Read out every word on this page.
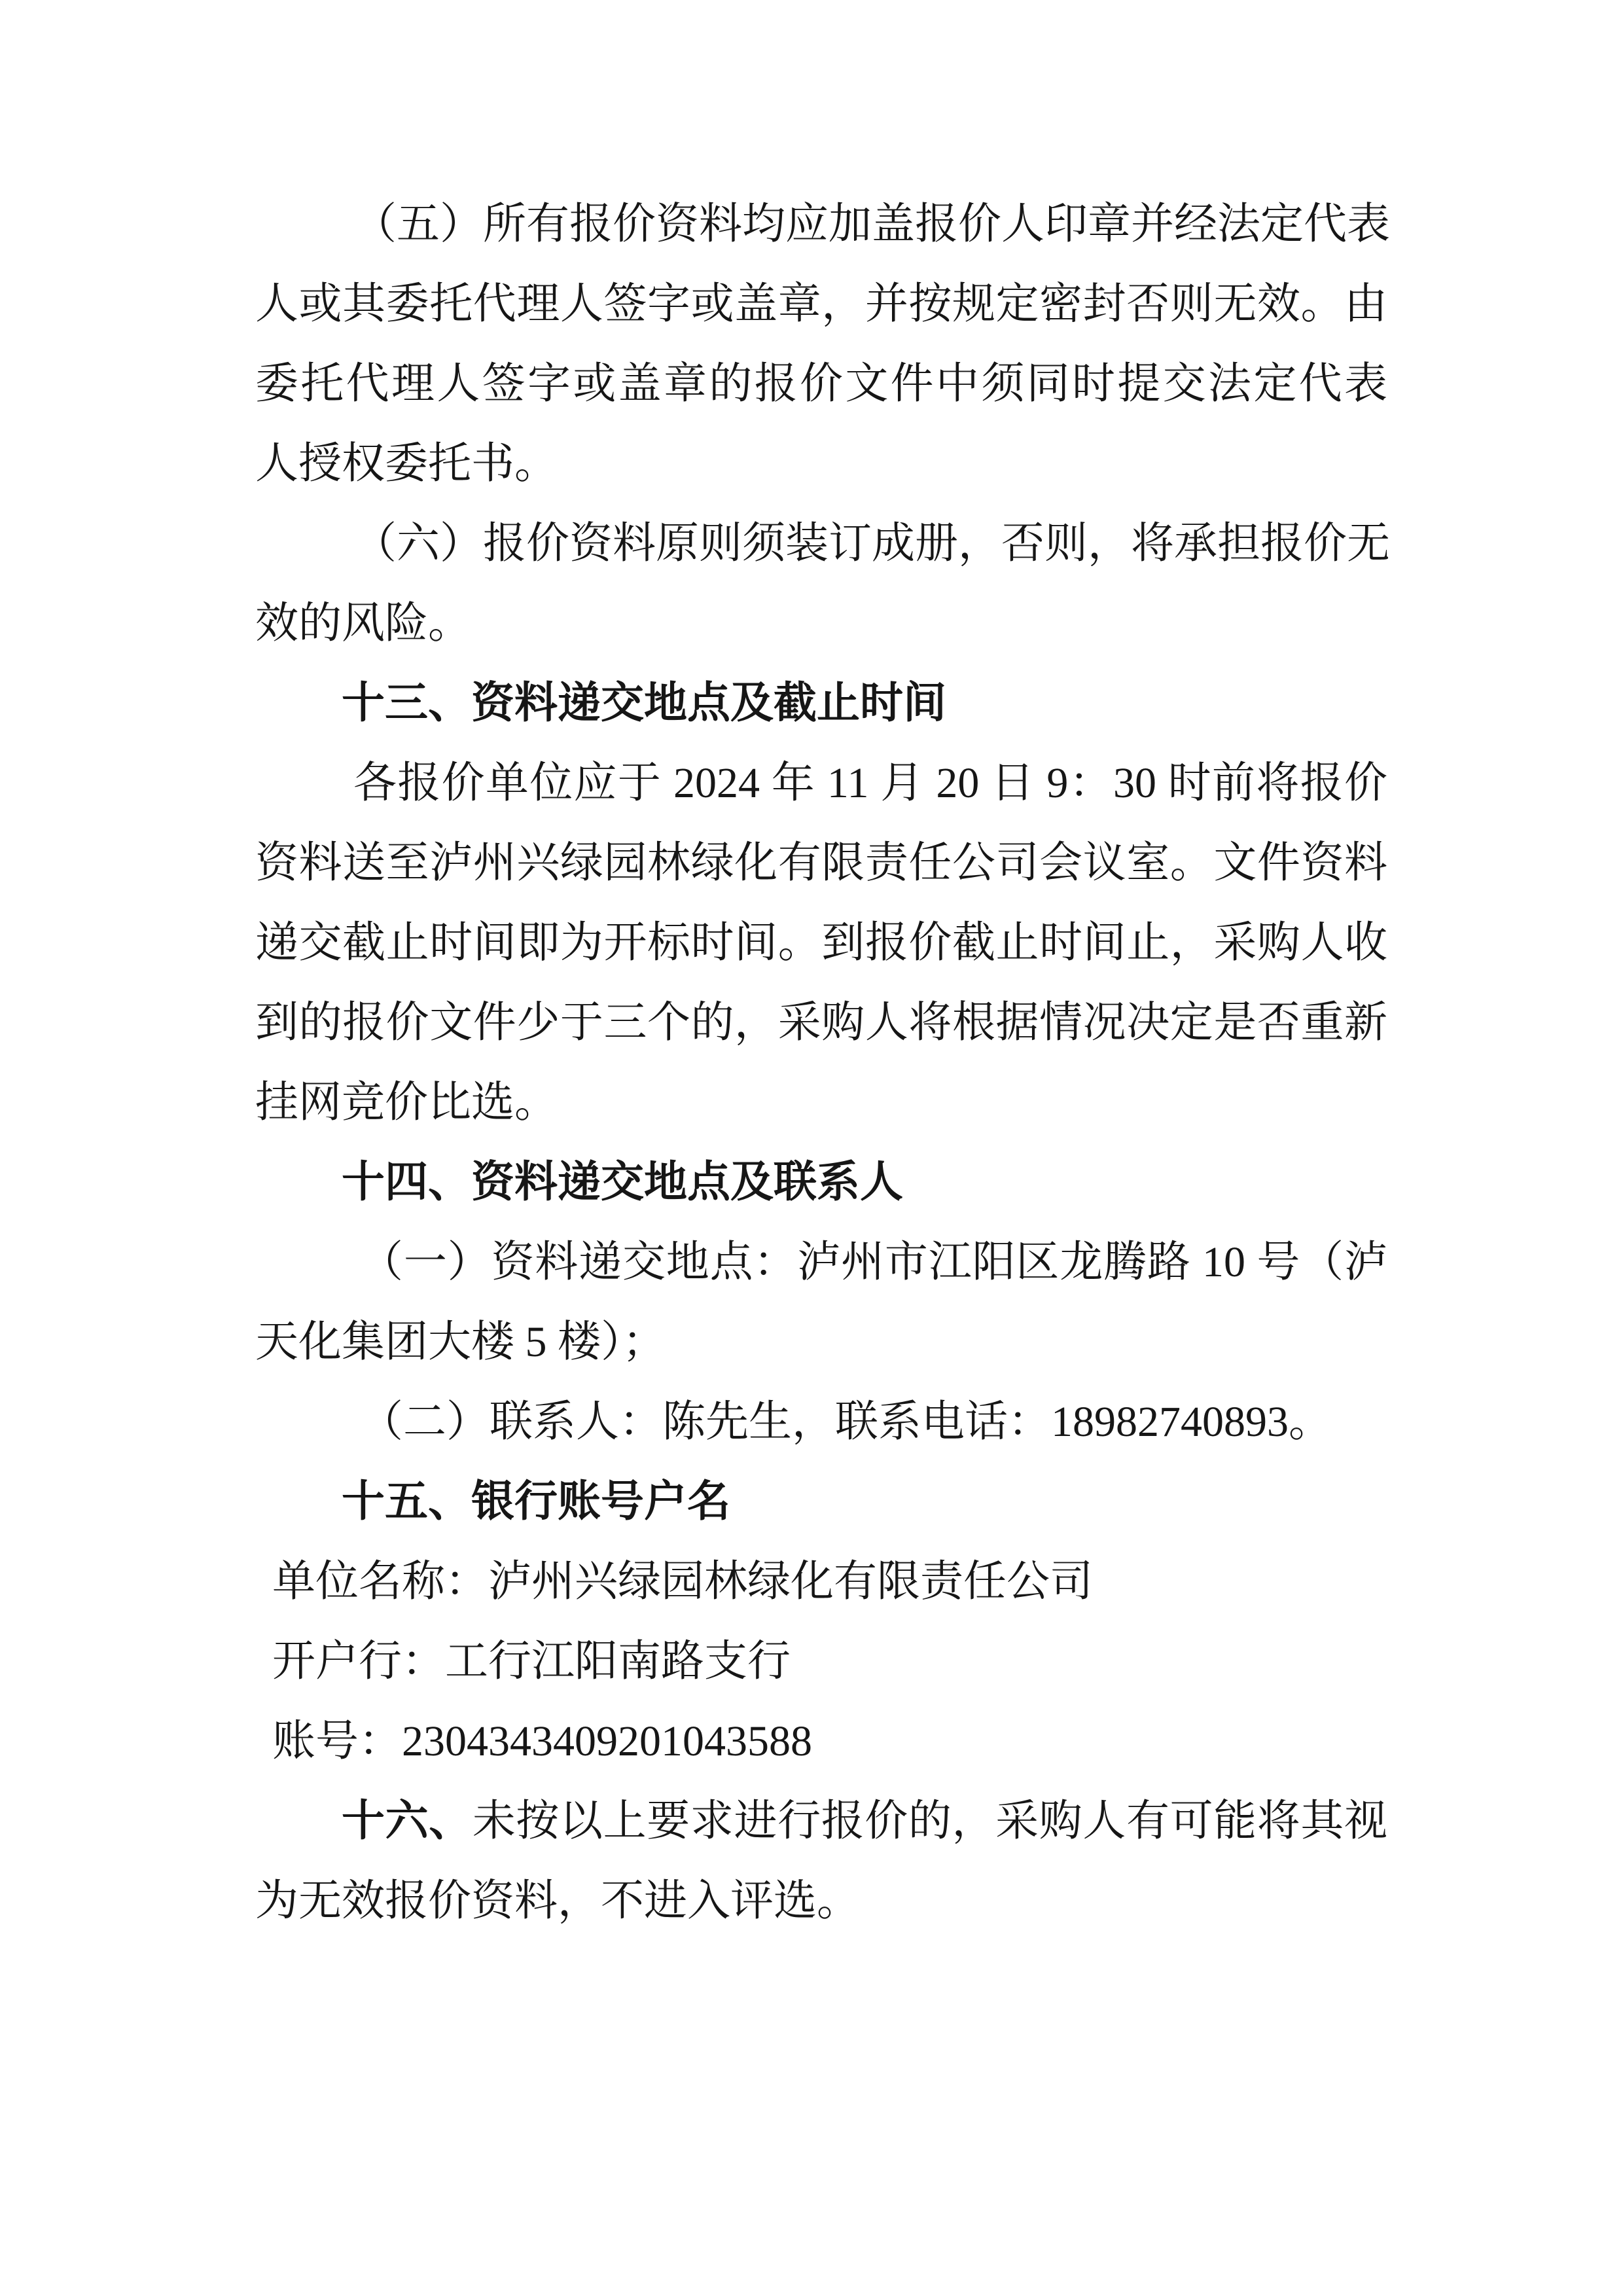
（五）所有报价资料均应加盖报价人印章并经法定代表
人或其委托代理人签字或盖章，并按规定密封否则无效。由
委托代理人签字或盖章的报价文件中须同时提交法定代表
人授权委托书。
（六）报价资料原则须装订成册，否则，将承担报价无
效的风险。
十三、资料递交地点及截止时间
各报价单位应于 2024 年 11 月 20 日 9：30 时前将报价
资料送至泸州兴绿园林绿化有限责任公司会议室。文件资料
递交截止时间即为开标时间。到报价截止时间止，采购人收
到的报价文件少于三个的，采购人将根据情况决定是否重新
挂网竞价比选。
十四、资料递交地点及联系人
（一）资料递交地点：泸州市江阳区龙腾路 10 号（泸
天化集团大楼 5 楼）；
（二）联系人：陈先生，联系电话：18982740893。
十五、银行账号户名
单位名称：泸州兴绿园林绿化有限责任公司
开户行：工行江阳南路支行
账号：2304343409201043588
十六、未按以上要求进行报价的，采购人有可能将其视
为无效报价资料，不进入评选。
